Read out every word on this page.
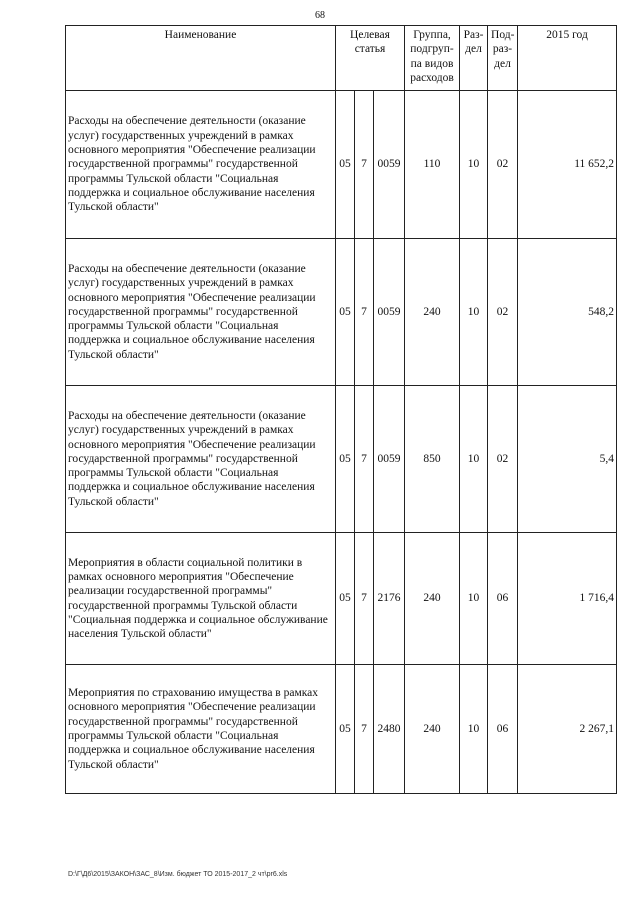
68
Наименование	Целевая статья			Группа, подгруп-па видов расходов	Раз-дел	Под-раз-дел	2015 год
Расходы на обеспечение деятельности (оказание услуг) государственных учреждений в рамках основного мероприятия "Обеспечение реализации государственной программы" государственной программы Тульской области "Социальная поддержка и социальное обслуживание населения Тульской области"	05	7	0059	110	10	02	11 652,2
Расходы на обеспечение деятельности (оказание услуг) государственных учреждений в рамках основного мероприятия "Обеспечение реализации государственной программы" государственной программы Тульской области "Социальная поддержка и социальное обслуживание населения Тульской области"	05	7	0059	240	10	02	548,2
Расходы на обеспечение деятельности (оказание услуг) государственных учреждений в рамках основного мероприятия "Обеспечение реализации государственной программы" государственной программы Тульской области "Социальная поддержка и социальное обслуживание населения Тульской области"	05	7	0059	850	10	02	5,4
Мероприятия в области социальной политики в рамках основного мероприятия "Обеспечение реализации государственной программы" государственной программы Тульской области "Социальная поддержка и социальное обслуживание населения Тульской области"	05	7	2176	240	10	06	1 716,4
Мероприятия по страхованию имущества в рамках основного мероприятия "Обеспечение реализации государственной программы" государственной программы Тульской области "Социальная поддержка и социальное обслуживание населения Тульской области"	05	7	2480	240	10	06	2 267,1
D:\Г\Д6\2015\ЗАКОН\ЗАС_8\Изм. бюджет ТО 2015-2017_2 чт\pr6.xls
